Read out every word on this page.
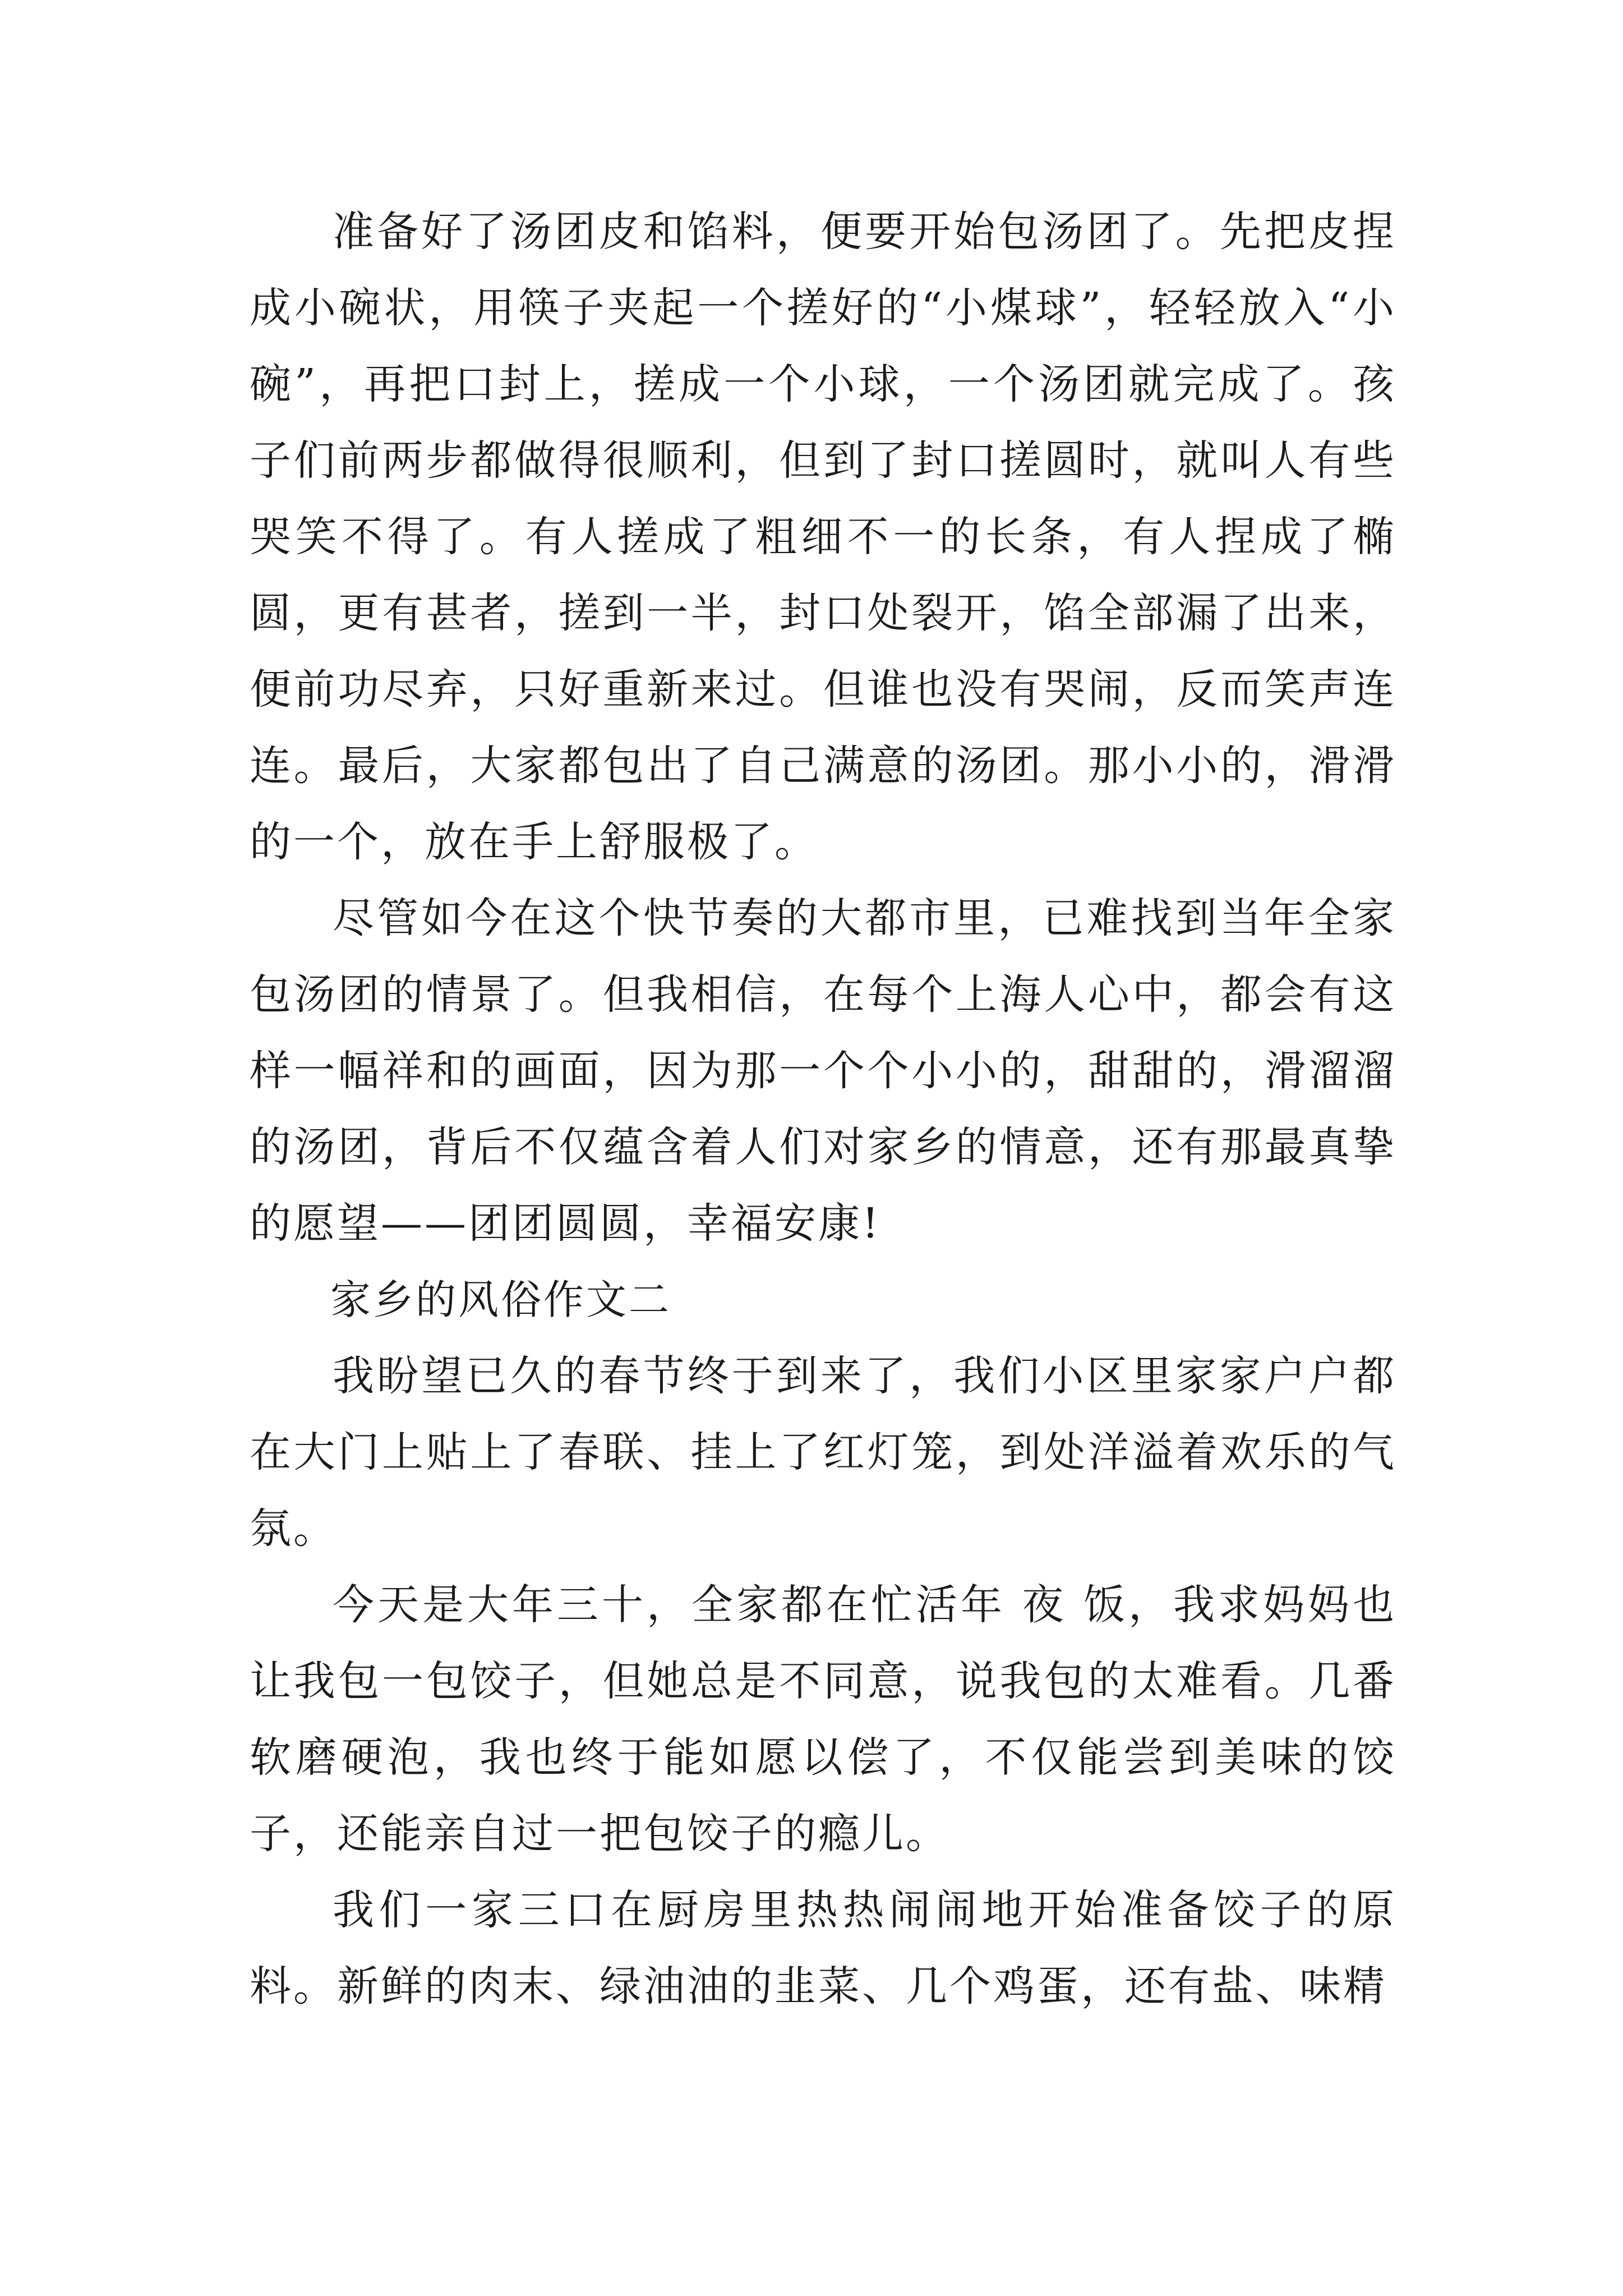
准备好了汤团皮和馅料，便要开始包汤团了。先把皮捏成小碗状，用筷子夹起一个搓好的“小煤球”，轻轻放入“小碗”，再把口封上，搓成一个小球，一个汤团就完成了。孩子们前两步都做得很顺利，但到了封口搓圆时，就叫人有些哭笑不得了。有人搓成了粗细不一的长条，有人捏成了椭圆，更有甚者，搓到一半，封口处裂开，馅全部漏了出来，便前功尽弃，只好重新来过。但谁也没有哭闹，反而笑声连连。最后，大家都包出了自己满意的汤团。那小小的，滑滑的一个，放在手上舒服极了。

尽管如今在这个快节奏的大都市里，已难找到当年全家包汤团的情景了。但我相信，在每个上海人心中，都会有这样一幅祥和的画面，因为那一个个小小的，甜甜的，滑溜溜的汤团，背后不仅蕴含着人们对家乡的情意，还有那最真挚的愿望——团团圆圆，幸福安康!

家乡的风俗作文二

我盼望已久的春节终于到来了，我们小区里家家户户都在大门上贴上了春联、挂上了红灯笼，到处洋溢着欢乐的气氛。

今天是大年三十，全家都在忙活年 夜 饭，我求妈妈也让我包一包饺子，但她总是不同意，说我包的太难看。几番软磨硬泡，我也终于能如愿以偿了，不仅能尝到美味的饺子，还能亲自过一把包饺子的瘾儿。

我们一家三口在厨房里热热闹闹地开始准备饺子的原料。新鲜的肉末、绿油油的韭菜、几个鸡蛋，还有盐、味精
